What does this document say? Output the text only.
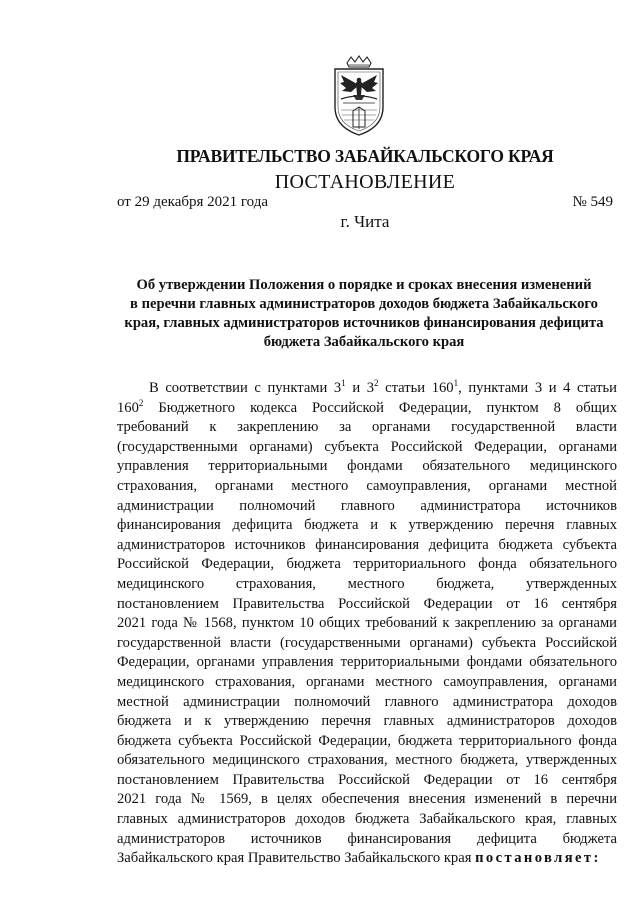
ПРАВИТЕЛЬСТВО ЗАБАЙКАЛЬСКОГО КРАЯ
ПОСТАНОВЛЕНИЕ
от 29 декабря 2021 года	№ 549
г. Чита
Об утверждении Положения о порядке и сроках внесения изменений
в перечни главных администраторов доходов бюджета Забайкальского
края, главных администраторов источников финансирования дефицита
бюджета Забайкальского края
В соответствии с пунктами $3^1$ и $3^2$ статьи $160^1$, пунктами 3 и 4 статьи
$160^2$ Бюджетного кодекса Российской Федерации, пунктом 8 общих
требований к закреплению за органами государственной власти
(государственными органами) субъекта Российской Федерации, органами
управления территориальными фондами обязательного медицинского
страхования, органами местного самоуправления, органами местной
администрации полномочий главного администратора источников
финансирования дефицита бюджета и к утверждению перечня главных
администраторов источников финансирования дефицита бюджета субъекта
Российской Федерации, бюджета территориального фонда обязательного
медицинского страхования, местного бюджета, утвержденных
постановлением Правительства Российской Федерации от 16 сентября
2021 года № 1568, пунктом 10 общих требований к закреплению за органами
государственной власти (государственными органами) субъекта Российской
Федерации, органами управления территориальными фондами обязательного
медицинского страхования, органами местного самоуправления, органами
местной администрации полномочий главного администратора доходов
бюджета и к утверждению перечня главных администраторов доходов
бюджета субъекта Российской Федерации, бюджета территориального фонда
обязательного медицинского страхования, местного бюджета, утвержденных
постановлением Правительства Российской Федерации от 16 сентября
2021 года № 1569, в целях обеспечения внесения изменений в перечни
главных администраторов доходов бюджета Забайкальского края, главных
администраторов источников финансирования дефицита бюджета
Забайкальского края Правительство Забайкальского края постановляет:
